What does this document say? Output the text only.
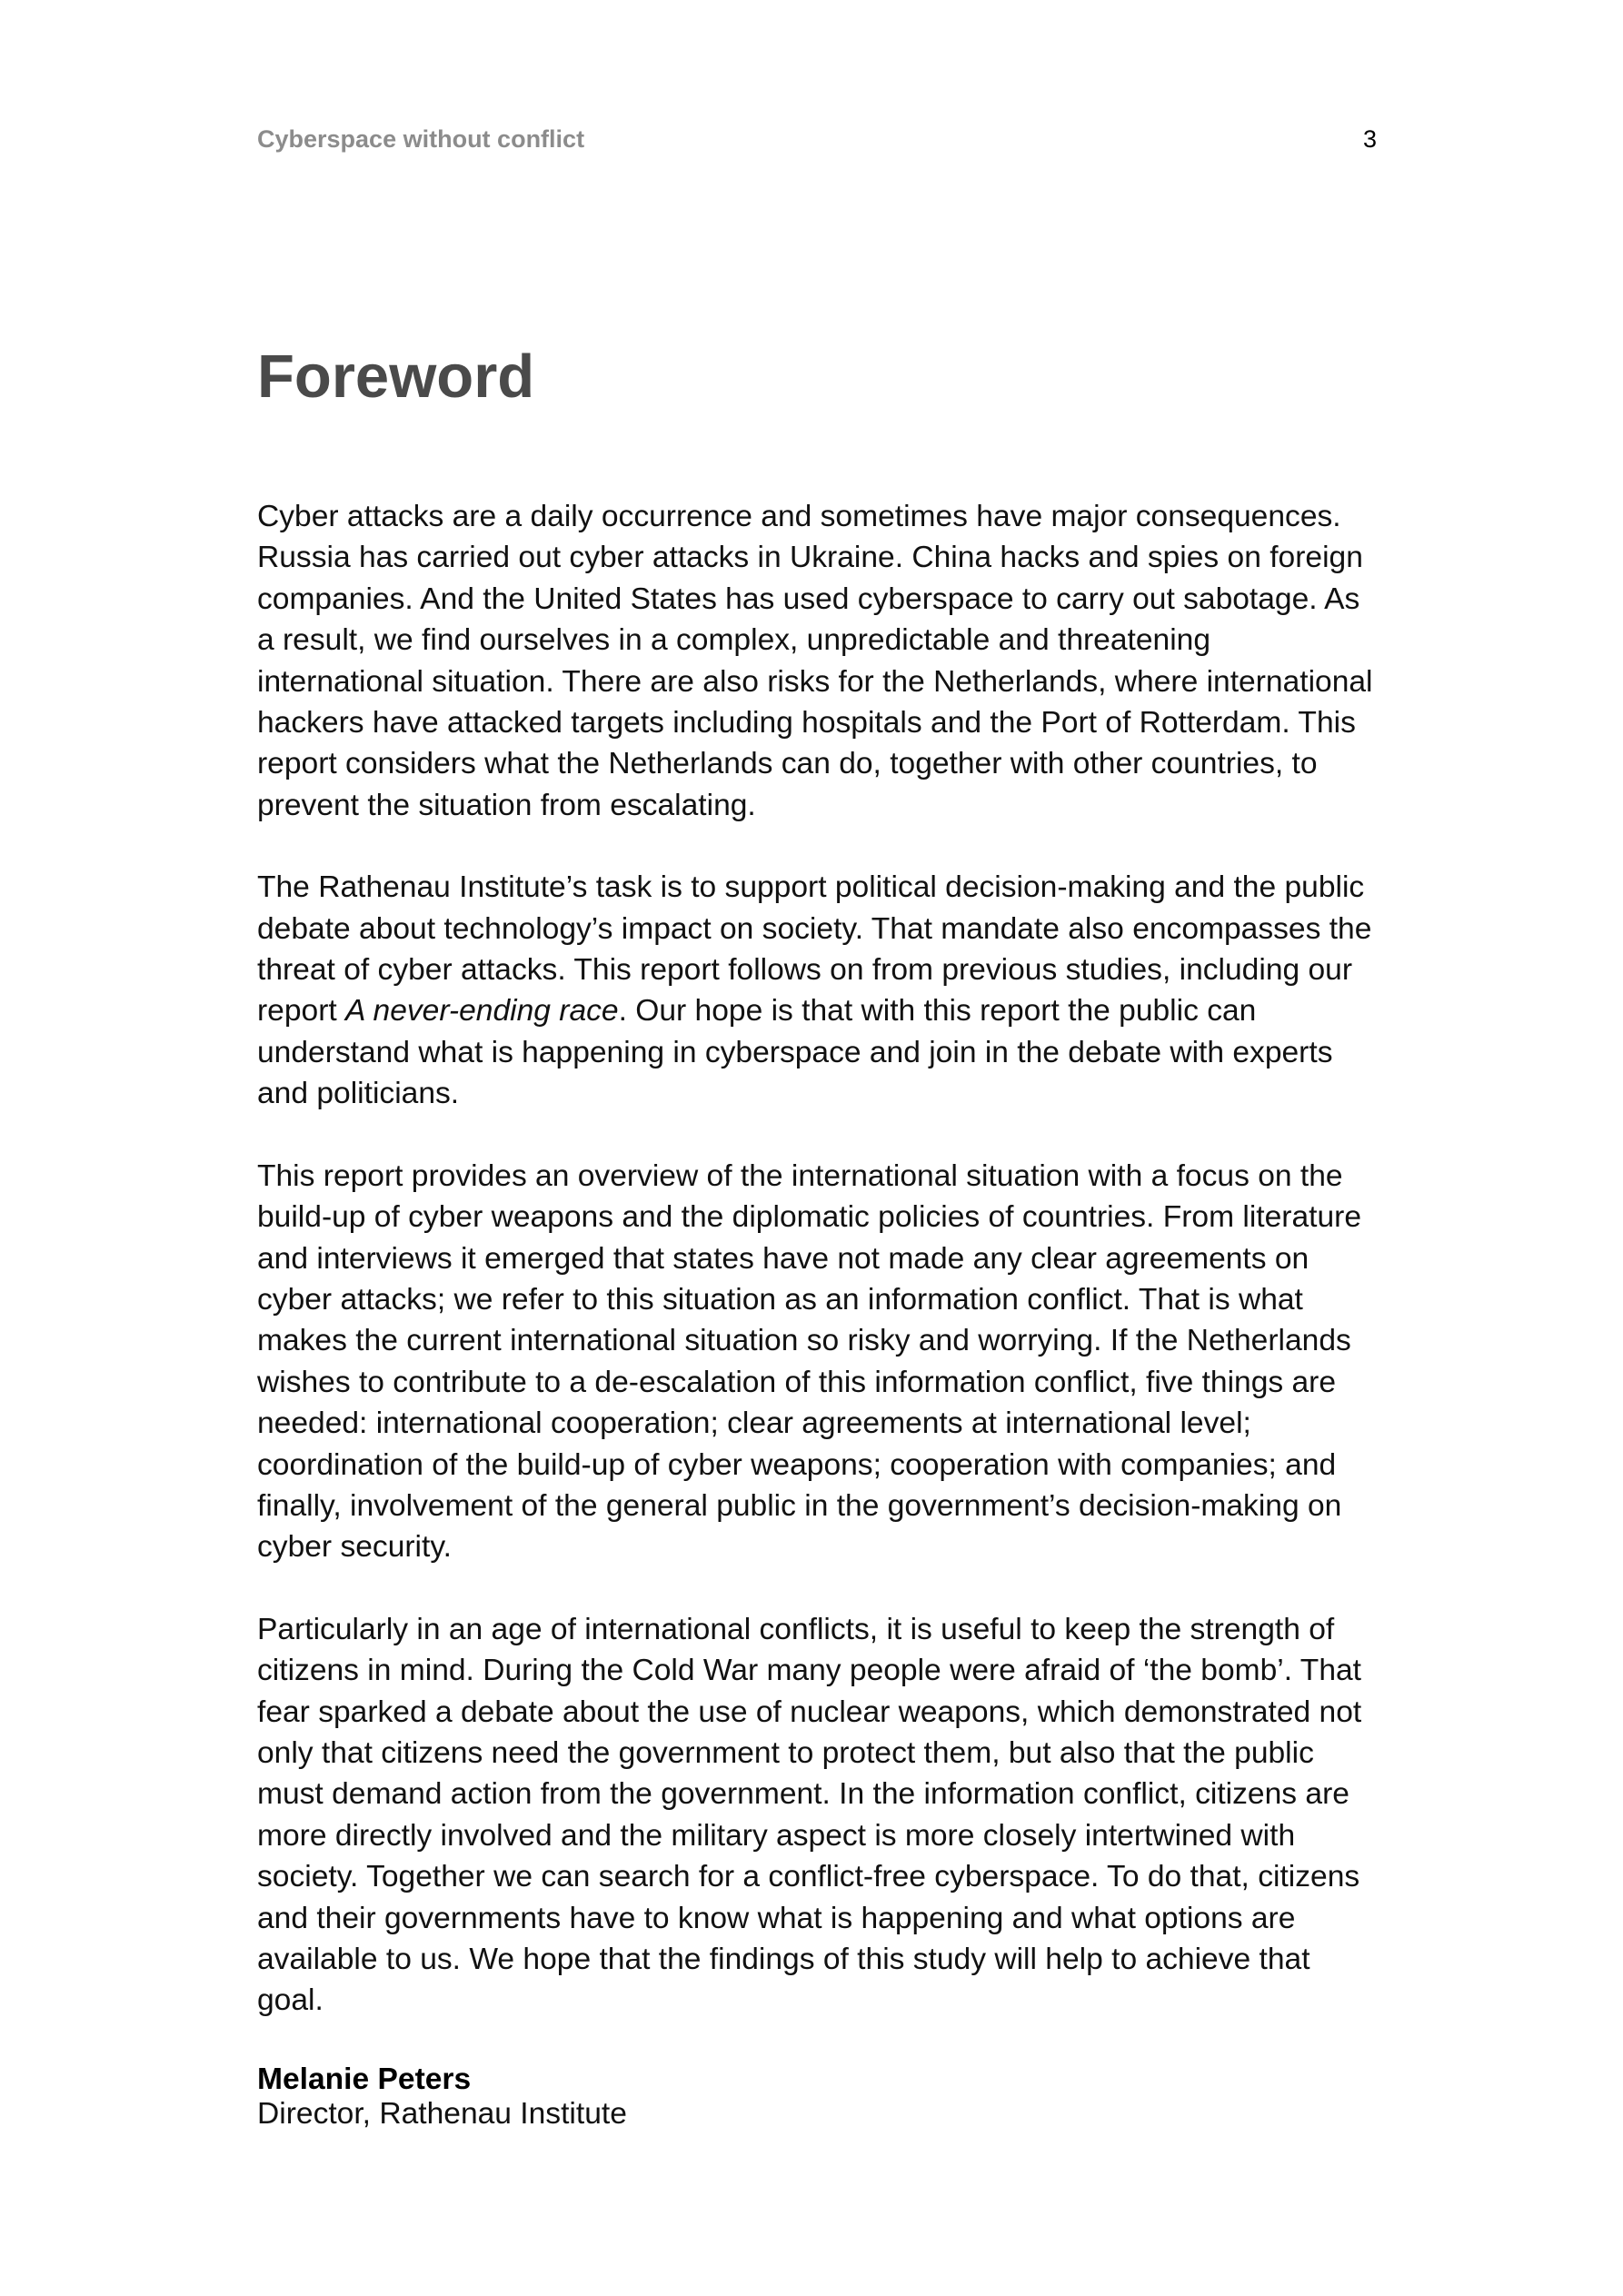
Cyberspace without conflict	3
Foreword

Cyber attacks are a daily occurrence and sometimes have major consequences. Russia has carried out cyber attacks in Ukraine. China hacks and spies on foreign companies. And the United States has used cyberspace to carry out sabotage. As a result, we find ourselves in a complex, unpredictable and threatening international situation. There are also risks for the Netherlands, where international hackers have attacked targets including hospitals and the Port of Rotterdam. This report considers what the Netherlands can do, together with other countries, to prevent the situation from escalating.

The Rathenau Institute’s task is to support political decision-making and the public debate about technology’s impact on society. That mandate also encompasses the threat of cyber attacks. This report follows on from previous studies, including our report A never-ending race. Our hope is that with this report the public can understand what is happening in cyberspace and join in the debate with experts and politicians.

This report provides an overview of the international situation with a focus on the build-up of cyber weapons and the diplomatic policies of countries. From literature and interviews it emerged that states have not made any clear agreements on cyber attacks; we refer to this situation as an information conflict. That is what makes the current international situation so risky and worrying. If the Netherlands wishes to contribute to a de-escalation of this information conflict, five things are needed: international cooperation; clear agreements at international level; coordination of the build-up of cyber weapons; cooperation with companies; and finally, involvement of the general public in the government’s decision-making on cyber security.

Particularly in an age of international conflicts, it is useful to keep the strength of citizens in mind. During the Cold War many people were afraid of ‘the bomb’. That fear sparked a debate about the use of nuclear weapons, which demonstrated not only that citizens need the government to protect them, but also that the public must demand action from the government. In the information conflict, citizens are more directly involved and the military aspect is more closely intertwined with society. Together we can search for a conflict-free cyberspace. To do that, citizens and their governments have to know what is happening and what options are available to us. We hope that the findings of this study will help to achieve that goal.

Melanie Peters
Director, Rathenau Institute
